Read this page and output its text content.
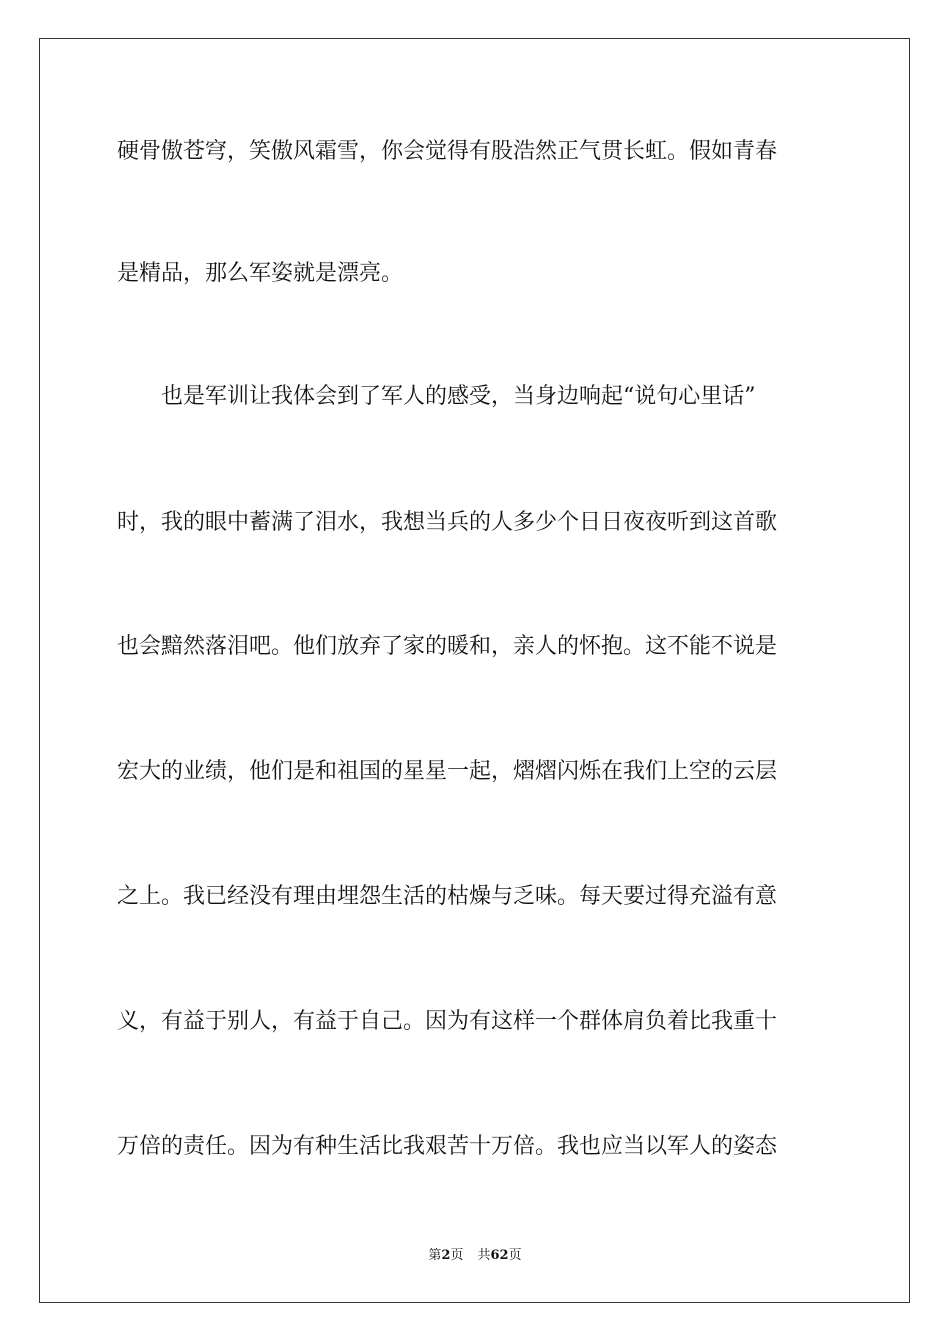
硬骨傲苍穹，笑傲风霜雪，你会觉得有股浩然正气贯长虹。假如青春
是精品，那么军姿就是漂亮。
　　也是军训让我体会到了军人的感受，当身边响起“说句心里话”
时，我的眼中蓄满了泪水，我想当兵的人多少个日日夜夜听到这首歌
也会黯然落泪吧。他们放弃了家的暖和，亲人的怀抱。这不能不说是
宏大的业绩，他们是和祖国的星星一起，熠熠闪烁在我们上空的云层
之上。我已经没有理由埋怨生活的枯燥与乏味。每天要过得充溢有意
义，有益于别人，有益于自己。因为有这样一个群体肩负着比我重十
万倍的责任。因为有种生活比我艰苦十万倍。我也应当以军人的姿态
第2页 共62页
